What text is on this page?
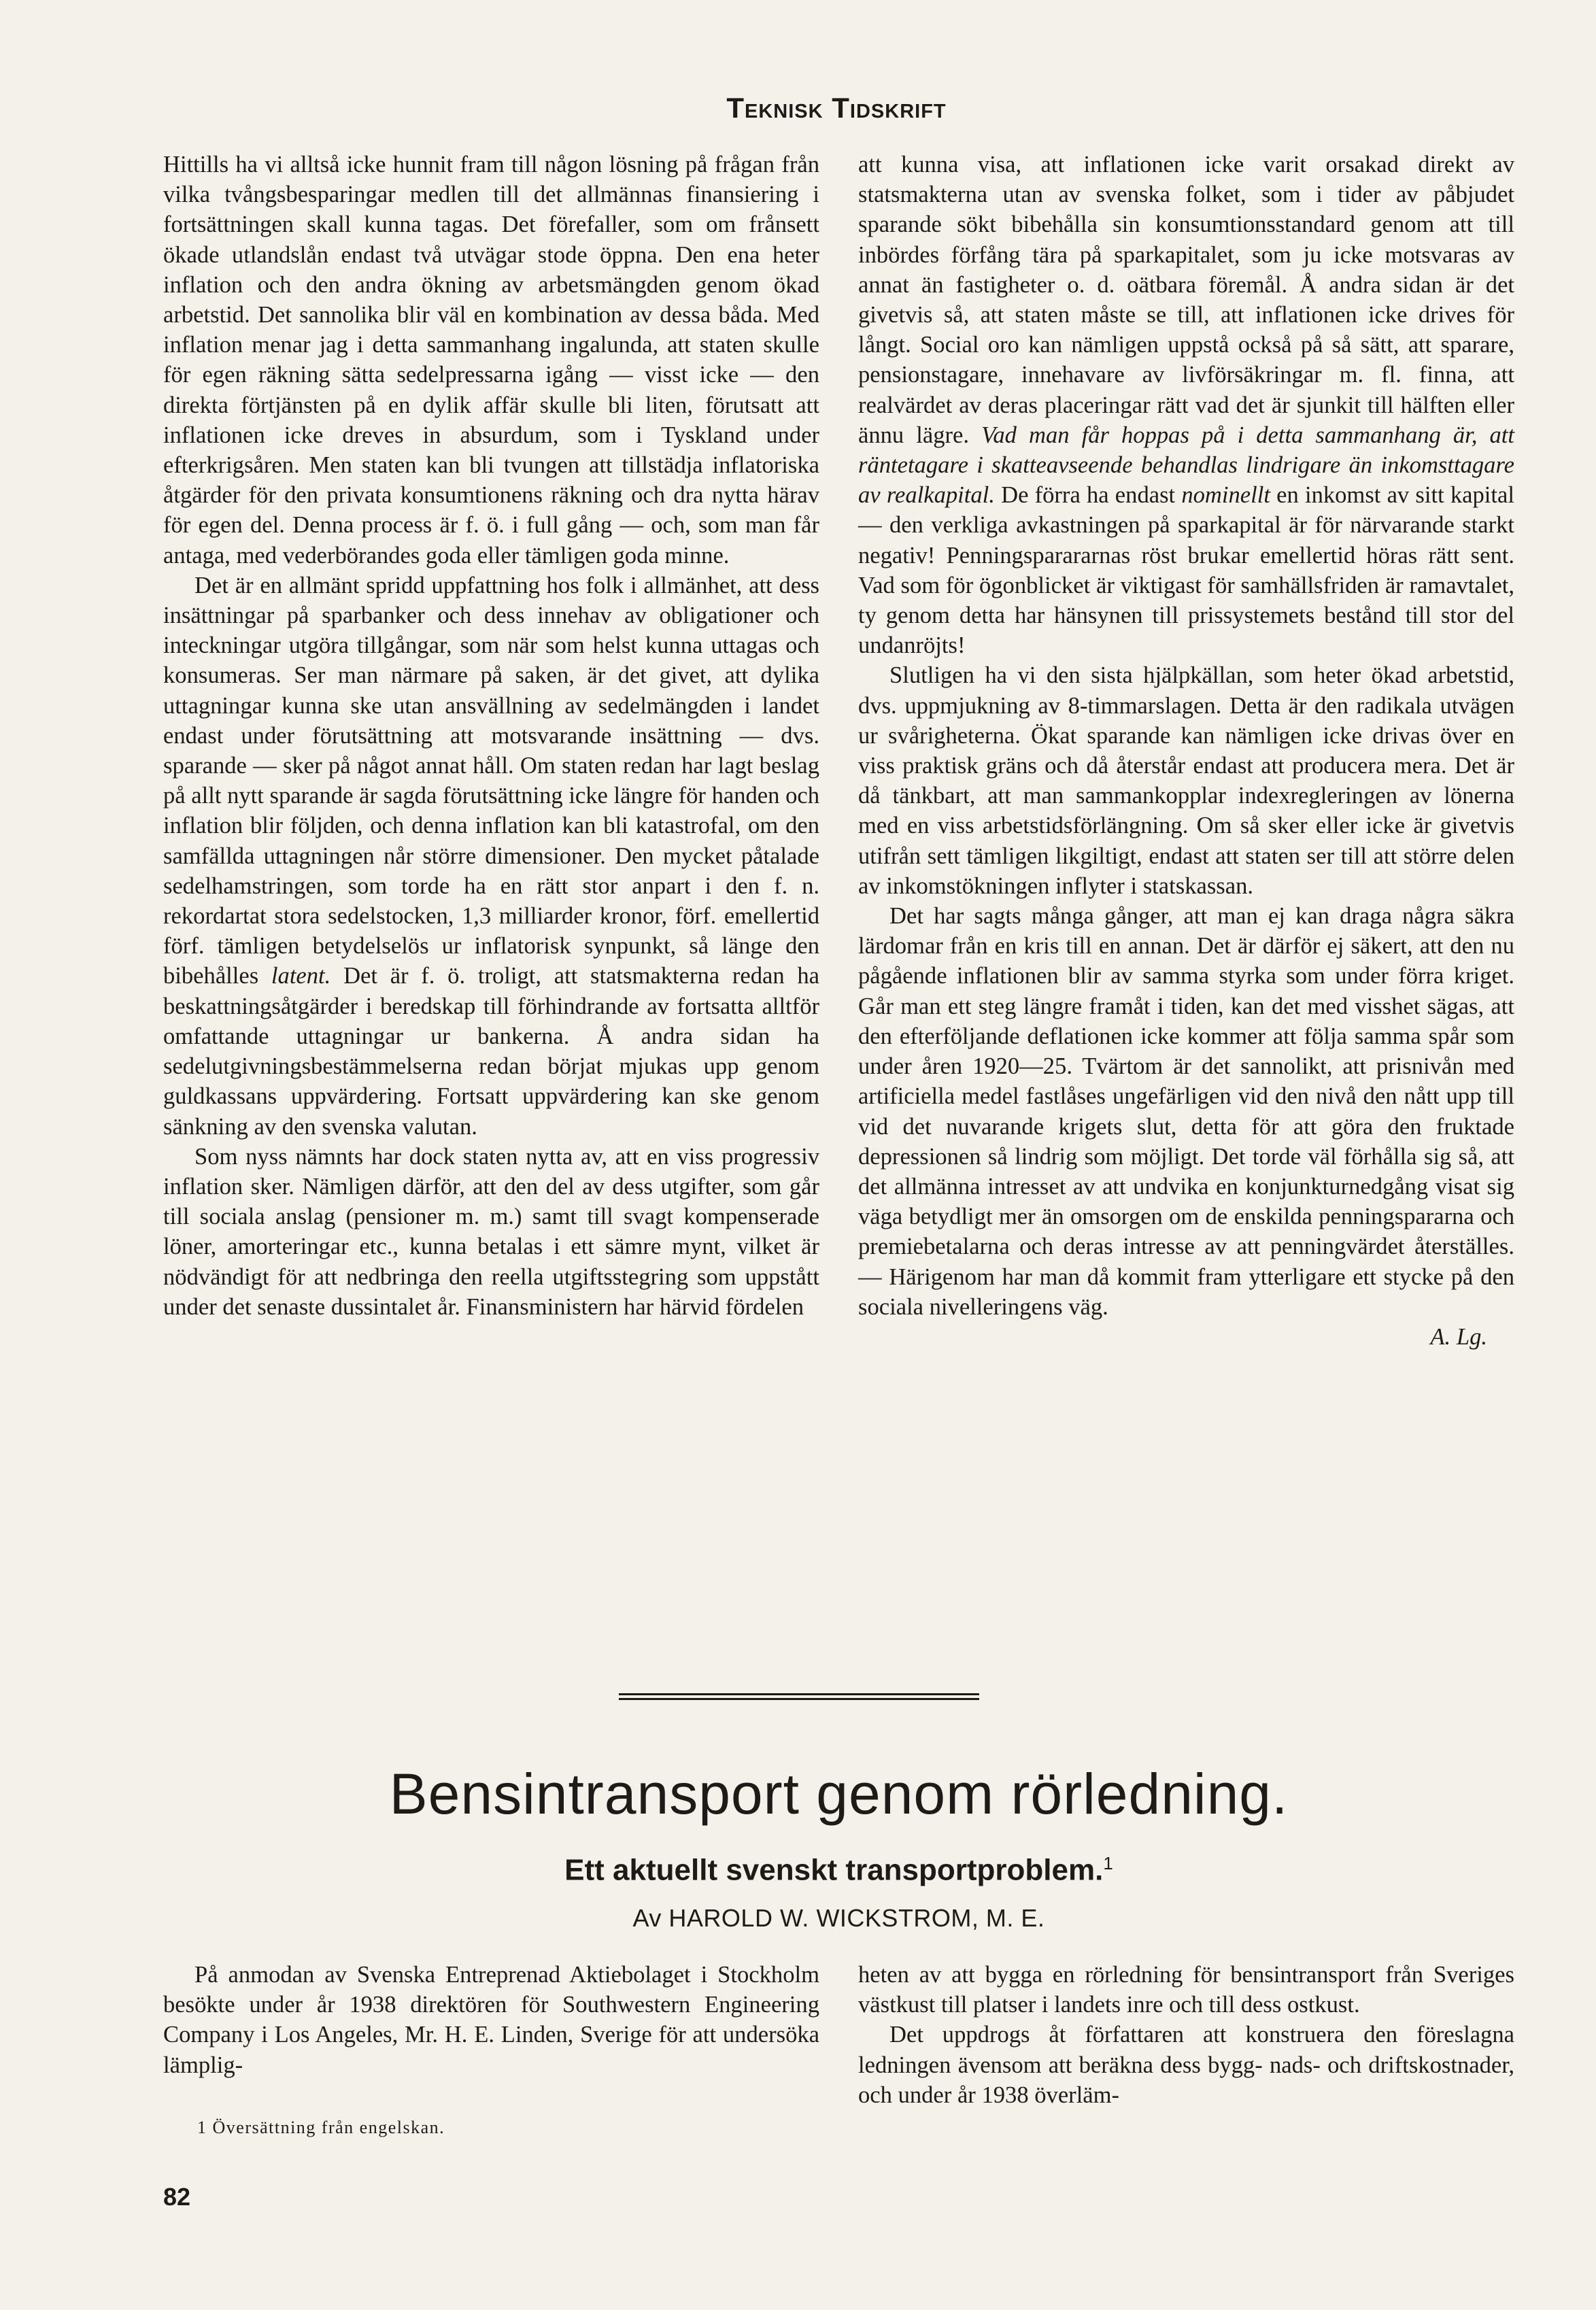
Teknisk Tidskrift

Hittills ha vi alltså icke hunnit fram till någon lösning på frågan från vilka tvångsbesparingar medlen till det allmännas finansiering i fortsättningen skall kunna tagas. Det förefaller, som om frånsett ökade utlandslån endast två utvägar stode öppna. Den ena heter inflation och den andra ökning av arbetsmängden genom ökad arbetstid. Det sannolika blir väl en kombination av dessa båda. Med inflation menar jag i detta sammanhang ingalunda, att staten skulle för egen räkning sätta sedelpressarna igång — visst icke — den direkta förtjänsten på en dylik affär skulle bli liten, förutsatt att inflationen icke dreves in absurdum, som i Tyskland under efterkrigsåren. Men staten kan bli tvungen att tillstädja inflatoriska åtgärder för den privata konsumtionens räkning och dra nytta härav för egen del. Denna process är f. ö. i full gång — och, som man får antaga, med vederbörandes goda eller tämligen goda minne.

Det är en allmänt spridd uppfattning hos folk i allmänhet, att dess insättningar på sparbanker och dess innehav av obligationer och inteckningar utgöra tillgångar, som när som helst kunna uttagas och konsumeras. Ser man närmare på saken, är det givet, att dylika uttagningar kunna ske utan ansvällning av sedelmängden i landet endast under förutsättning att motsvarande insättning — dvs. sparande — sker på något annat håll. Om staten redan har lagt beslag på allt nytt sparande är sagda förutsättning icke längre för handen och inflation blir följden, och denna inflation kan bli katastrofal, om den samfällda uttagningen når större dimensioner. Den mycket påtalade sedelhamstringen, som torde ha en rätt stor anpart i den f. n. rekordartat stora sedelstocken, 1,3 milliarder kronor, förf. emellertid förf. tämligen betydelselös ur inflatorisk synpunkt, så länge den bibehålles latent. Det är f. ö. troligt, att statsmakterna redan ha beskattningsåtgärder i beredskap till förhindrande av fortsatta alltför omfattande uttagningar ur bankerna. Å andra sidan ha sedelutgivningsbestämmelserna redan börjat mjukas upp genom guldkassans uppvärdering. Fortsatt uppvärdering kan ske genom sänkning av den svenska valutan.

Som nyss nämnts har dock staten nytta av, att en viss progressiv inflation sker. Nämligen därför, att den del av dess utgifter, som går till sociala anslag (pensioner m. m.) samt till svagt kompenserade löner, amorteringar etc., kunna betalas i ett sämre mynt, vilket är nödvändigt för att nedbringa den reella utgiftsstegring som uppstått under det senaste dussintalet år. Finansministern har härvid fördelen

att kunna visa, att inflationen icke varit orsakad direkt av statsmakterna utan av svenska folket, som i tider av påbjudet sparande sökt bibehålla sin konsumtionsstandard genom att till inbördes förfång tära på sparkapitalet, som ju icke motsvaras av annat än fastigheter o. d. oätbara föremål. Å andra sidan är det givetvis så, att staten måste se till, att inflationen icke drives för långt. Social oro kan nämligen uppstå också på så sätt, att sparare, pensionstagare, innehavare av livförsäkringar m. fl. finna, att realvärdet av deras placeringar rätt vad det är sjunkit till hälften eller ännu lägre. Vad man får hoppas på i detta sammanhang är, att räntetagare i skatteavseende behandlas lindrigare än inkomsttagare av realkapital. De förra ha endast nominellt en inkomst av sitt kapital — den verkliga avkastningen på sparkapital är för närvarande starkt negativ! Penningsparararnas röst brukar emellertid höras rätt sent. Vad som för ögonblicket är viktigast för samhällsfriden är ramavtalet, ty genom detta har hänsynen till prissystemets bestånd till stor del undanröjts!

Slutligen ha vi den sista hjälpkällan, som heter ökad arbetstid, dvs. uppmjukning av 8-timmarslagen. Detta är den radikala utvägen ur svårigheterna. Ökat sparande kan nämligen icke drivas över en viss praktisk gräns och då återstår endast att producera mera. Det är då tänkbart, att man sammankopplar indexregleringen av lönerna med en viss arbetstidsförlängning. Om så sker eller icke är givetvis utifrån sett tämligen likgiltigt, endast att staten ser till att större delen av inkomstökningen inflyter i statskassan.

Det har sagts många gånger, att man ej kan draga några säkra lärdomar från en kris till en annan. Det är därför ej säkert, att den nu pågående inflationen blir av samma styrka som under förra kriget. Går man ett steg längre framåt i tiden, kan det med visshet sägas, att den efterföljande deflationen icke kommer att följa samma spår som under åren 1920—25. Tvärtom är det sannolikt, att prisnivån med artificiella medel fastlåses ungefärligen vid den nivå den nått upp till vid det nuvarande krigets slut, detta för att göra den fruktade depressionen så lindrig som möjligt. Det torde väl förhålla sig så, att det allmänna intresset av att undvika en konjunkturnedgång visat sig väga betydligt mer än omsorgen om de enskilda penningspararna och premiebetalarna och deras intresse av att penningvärdet återställes. — Härigenom har man då kommit fram ytterligare ett stycke på den sociala nivelleringens väg.

A. Lg.
Bensintransport genom rörledning.
Ett aktuellt svenskt transportproblem.$^1$
Av HAROLD W. WICKSTROM, M. E.

På anmodan av Svenska Entreprenad Aktiebolaget i Stockholm besökte under år 1938 direktören för Southwestern Engineering Company i Los Angeles, Mr. H. E. Linden, Sverige för att undersöka lämplig-

heten av att bygga en rörledning för bensintransport från Sveriges västkust till platser i landets inre och till dess ostkust.

Det uppdrogs åt författaren att konstruera den föreslagna ledningen ävensom att beräkna dess bygg- nads- och driftskostnader, och under år 1938 överläm-

1 Översättning från engelskan.
82
